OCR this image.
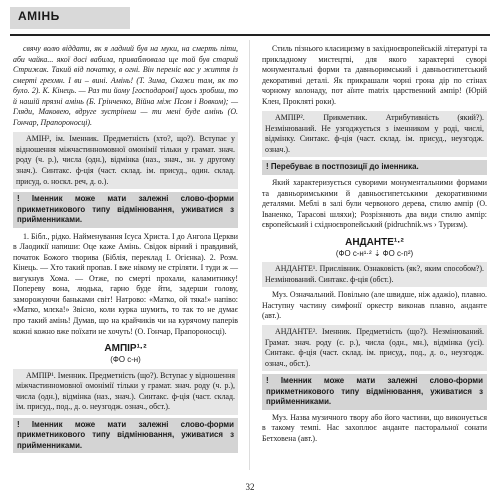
АМІНЬ

свячу волю віддати, як я ладний був на муки, на смерть піти, аби чайка... якої досі вабила, приваблювала ще той був старий Стрижак. Такий від початку, в огні. Він переніс вас у життя із смерті грехмн. І ви – вині. Амінь! (Т. Зима, Скажи там, як то було. 2). К. Кінець. — Раз ти йому [господарові] щось зробиш, то й нашій прязні амінь (Б. Грінченко, Війна між Псом і Вовком); — Гляди, Маковею, вдруге зустрінеш — ти мені буде амінь (О. Гончар, Прапороносці).

АМІН², ім. Іменник. Предметність (хто?, що?). Вступає у відношення міжчастинномовної омонімії тільки у грамат. знач. роду (ч. р.), числа (одн.), відмінка (наз., знач., зн. у другому знач.). Синтакс. ф-ція (част. склад. ім. присуд., один. склад. присуд, о. носкл. реч, д. о.).

! Іменник може мати залежні слово-форми прикметникового типу відмінювання, уживатися з прийменниками.

1. Бібл., рідко. Найменування Ісуса Христа. І до Ангола Церкви в Лаодикії напиши: Оце каже Амінь. Свідок вірний і правдивий, початок Божого творива (Біблія, переклад І. Огієнка). 2. Розм. Кінець. — Хто такий пропав. І вже нікому не стріляти. І туди ж — вигукнув Хома. — Отже, по смерті прохали, каламитнику! Попереву вона, людька, гарно буде йти, задерши голову, заморожуючи баньками світ! Натрово: «Матко, ой тяка!» напіво: «Матко, млєка!» Звісно, коли курка шумить, то так то не думає про такий амінь! Думав, що на крайчиків чи на курячому паперів кожні кожно вже поїхати не хочуть! (О. Гончар, Прапороносці).

АМПІР¹·²
(ФО с-н)

АМПІР¹. Іменник. Предметність (що?). Вступає у відношення міжчастинномовної омонімії тільки у грамат. знач. роду (ч. р.), числа (одн.), відмінка (наз., знач.). Синтакс. ф-ція (част. склад. ім. присуд., под., д. о. неузгодж. означ., обст.).

! Іменник може мати залежні слово-форми прикметникового типу відмінювання, уживатися з прийменниками.

Стиль пізнього класицизму в західноєвропейській літературі та прикладному мистецтві, для якого характерні суворі монументальні форми та давньоримський і давньоєгипетський декоративні деталі. Як прикрашали чорні грона дір по стінах чорному колонаду, пот аїнте matrix царственний ампір! (Юрій Клен, Прокляті роки).

АМПІР². Прикметник. Атрибутивність (який?). Незмінюваний. Не узгоджується з іменником у роді, числі, відмінку. Синтакс. ф-ція (част. склад. ім. присуд., неузгодж. означ.).

! Перебуває в постпозиції до іменника.

Який характеризується суворими монументальними формами та давньоримськими й давньоєгипетськими декоративними деталями. Меблі в залі були червоного дерева, стилю ампір (О. Іваненко, Тарасові шляхи); Розрізняють два види стилю ампір: європейський і східноєвропейський (pidruchnik.ws › Туризм).

АНДАНТЕ¹·²
(ФО с-н¹·² ⇣ ФО с-п²)

АНДАНТЕ¹. Прислівник. Ознаковість (як?, яким способом?). Незмінюваний. Синтакс. ф-ція (обст.).

Муз. Означальний. Повільно (але швидше, ніж адажіо), плавно. Наступну частину симфонії оркестр виконав плавно, анданте (авт.).

АНДАНТЕ². Іменник. Предметність (що?). Незмінюваний. Грамат. знач. роду (с. р.), числа (одн., мн.), відмінка (усі). Синтакс. ф-ція (част. склад. ім. присуд., под., д. о., неузгодж. означ., обст.).

! Іменник може мати залежні слово-форми прикметникового типу відмінювання, уживатися з прийменниками.

Муз. Назва музичного твору або його частини, що виконується в такому темпі. Нас захоплює анданте пасторальної сонати Бетховена (авт.).

32
